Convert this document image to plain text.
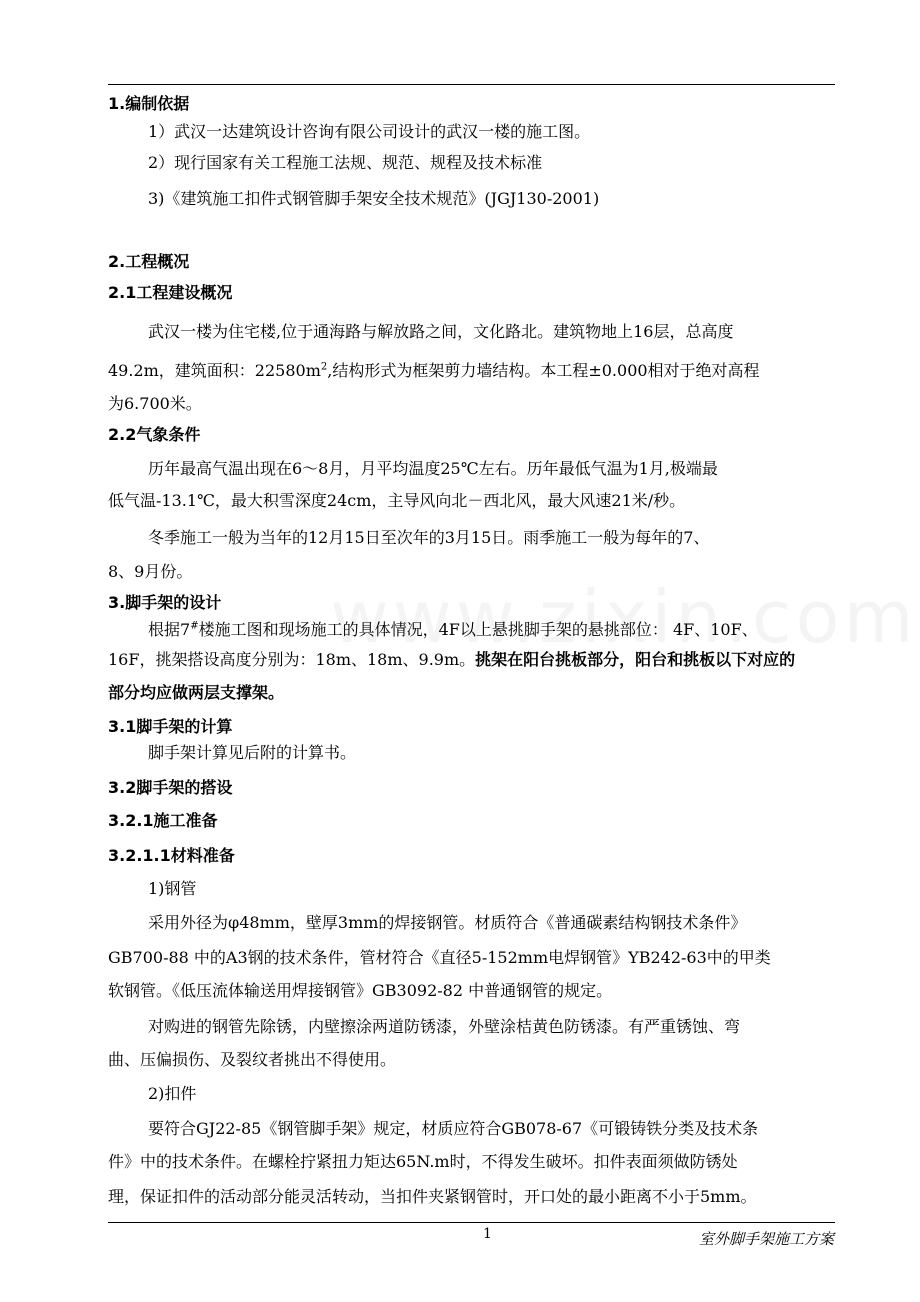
1.编制依据
1）武汉一达建筑设计咨询有限公司设计的武汉一楼的施工图。
2）现行国家有关工程施工法规、规范、规程及技术标准
3)《建筑施工扣件式钢管脚手架安全技术规范》(JGJ130-2001)
2.工程概况
2.1工程建设概况
武汉一楼为住宅楼,位于通海路与解放路之间，文化路北。建筑物地上16层，总高度
49.2m，建筑面积：$22580m^2$,结构形式为框架剪力墙结构。本工程±0.000相对于绝对高程
为6.700米。
2.2气象条件
历年最高气温出现在6～8月，月平均温度25℃左右。历年最低气温为1月,极端最
低气温-13.1℃，最大积雪深度24cm，主导风向北－西北风，最大风速21米/秒。
冬季施工一般为当年的12月15日至次年的3月15日。雨季施工一般为每年的7、
8、9月份。
3.脚手架的设计
根据7#楼施工图和现场施工的具体情况，4F以上悬挑脚手架的悬挑部位： 4F、10F、
16F，挑架搭设高度分别为：18m、18m、9.9m。挑架在阳台挑板部分，阳台和挑板以下对应的
部分均应做两层支撑架。
3.1脚手架的计算
脚手架计算见后附的计算书。
3.2脚手架的搭设
3.2.1施工准备
3.2.1.1材料准备
1)钢管
采用外径为φ48mm，壁厚3mm的焊接钢管。材质符合《普通碳素结构钢技术条件》
GB700-88 中的A3钢的技术条件，管材符合《直径5-152mm电焊钢管》YB242-63中的甲类
软钢管。《低压流体输送用焊接钢管》GB3092-82 中普通钢管的规定。
对购进的钢管先除锈，内壁擦涂两道防锈漆，外壁涂桔黄色防锈漆。有严重锈蚀、弯
曲、压偏损伤、及裂纹者挑出不得使用。
2)扣件
要符合GJ22-85《钢管脚手架》规定，材质应符合GB078-67《可锻铸铁分类及技术条
件》中的技术条件。在螺栓拧紧扭力矩达65N.m时，不得发生破坏。扣件表面须做防锈处
理，保证扣件的活动部分能灵活转动，当扣件夹紧钢管时，开口处的最小距离不小于5mm。
1	室外脚手架施工方案
